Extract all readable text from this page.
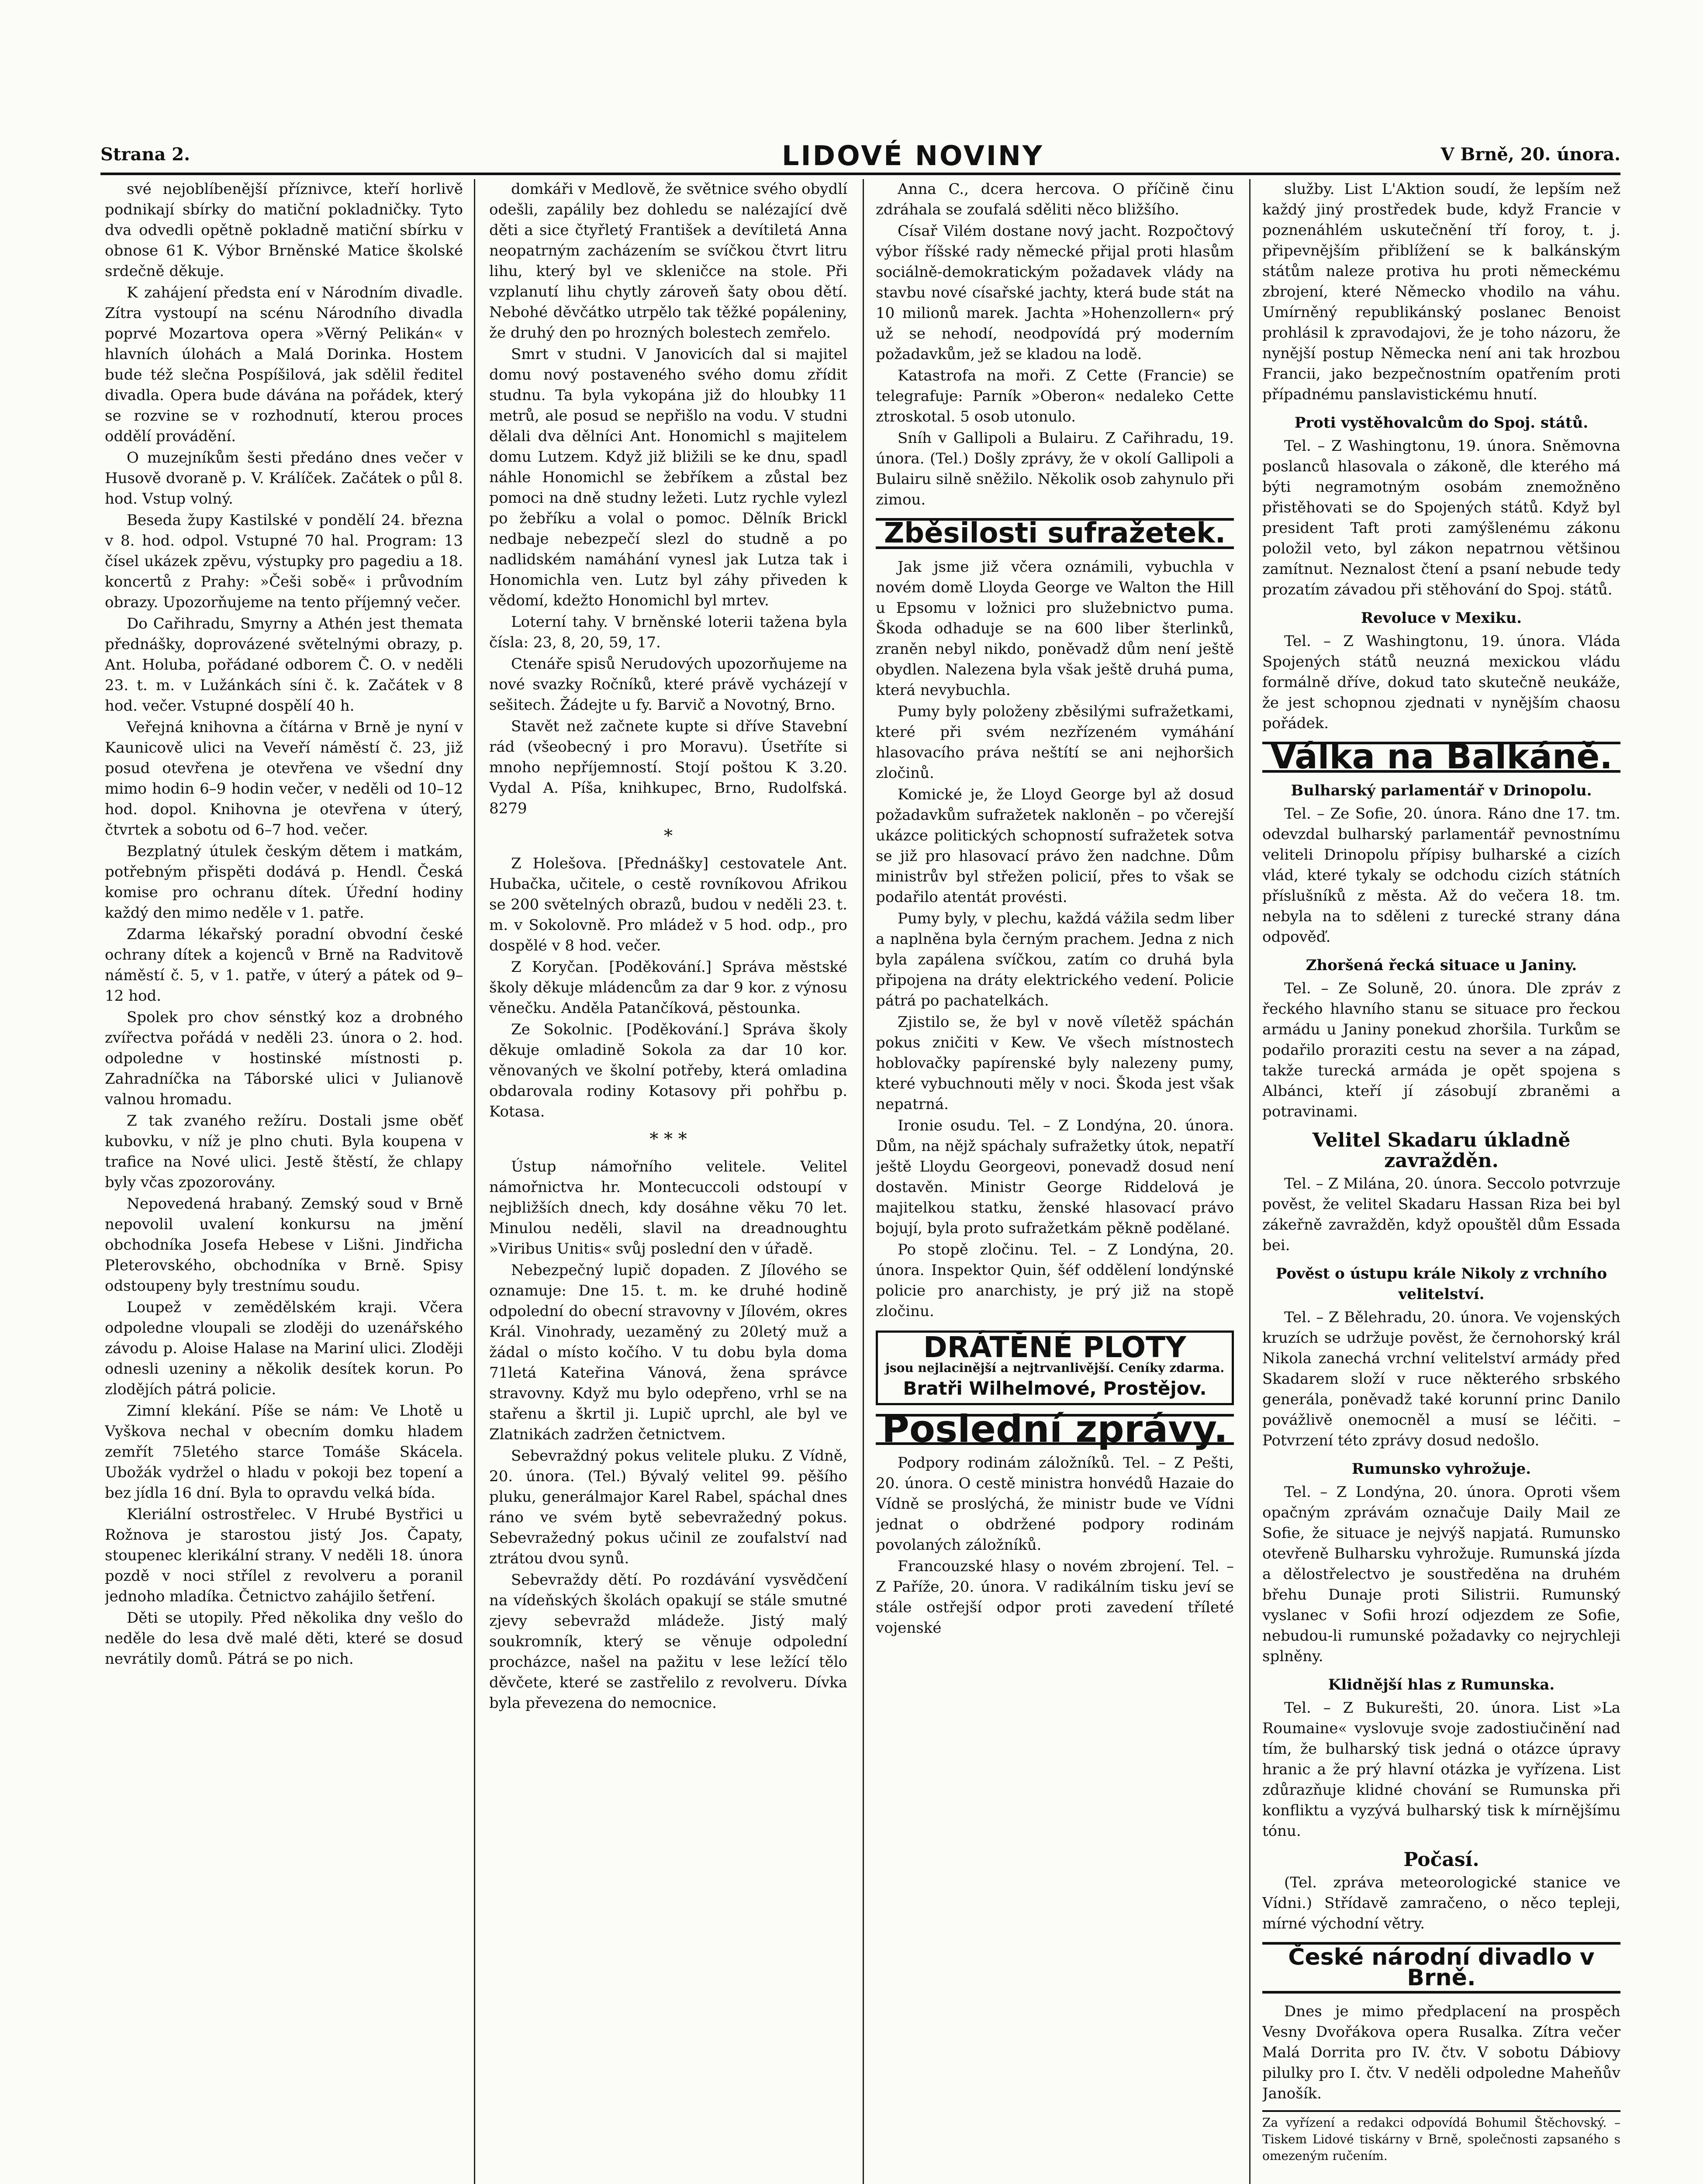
Strana 2.	LIDOVÉ NOVINY	V Brně, 20. února.

své nejoblíbenější příznivce, kteří horlivě podnikají sbírky do matiční pokladničky. Tyto dva odvedli opětně pokladně matiční sbírku v obnose 61 K. Výbor Brněnské Matice školské srdečně děkuje.

K zahájení předsta ení v Národním divadle. Zítra vystoupí na scénu Národního divadla poprvé Mozartova opera »Věrný Pelikán« v hlavních úlohách a Malá Dorinka. Hostem bude též slečna Pospíšilová, jak sdělil ředitel divadla. Opera bude dávána na pořádek, který se rozvine se v rozhodnutí, kterou proces oddělí provádění.

O muzejníkům šesti předáno dnes večer v Husově dvoraně p. V. Králíček. Začátek o půl 8. hod. Vstup volný.

Beseda župy Kastilské v pondělí 24. března v 8. hod. odpol. Vstupné 70 hal. Program: 13 čísel ukázek zpěvu, výstupky pro pagediu a 18. koncertů z Prahy: »Češi sobě« i průvodním obrazy. Upozorňujeme na tento příjemný večer.

Do Cařihradu, Smyrny a Athén jest themata přednášky, doprovázené světelnými obrazy, p. Ant. Holuba, pořádané odborem Č. O. v neděli 23. t. m. v Lužánkách síni č. k. Začátek v 8 hod. večer. Vstupné dospělí 40 h.

Veřejná knihovna a čítárna v Brně je nyní v Kaunicově ulici na Veveří náměstí č. 23, již posud otevřena je otevřena ve všední dny mimo hodin 6–9 hodin večer, v neděli od 10–12 hod. dopol. Knihovna je otevřena v úterý, čtvrtek a sobotu od 6–7 hod. večer.

Bezplatný útulek českým dětem i matkám, potřebným přispěti dodává p. Hendl. Česká komise pro ochranu dítek. Úřední hodiny každý den mimo neděle v 1. patře.

Zdarma lékařský poradní obvodní české ochrany dítek a kojenců v Brně na Radvitově náměstí č. 5, v 1. patře, v úterý a pátek od 9–12 hod.

Spolek pro chov sénstký koz a drobného zvířectva pořádá v neděli 23. února o 2. hod. odpoledne v hostinské místnosti p. Zahradníčka na Táborské ulici v Julianově valnou hromadu.

Z tak zvaného režíru. Dostali jsme oběť kubovku, v níž je plno chuti. Byla koupena v trafice na Nové ulici. Jestě štěstí, že chlapy byly včas zpozorovány.

Nepovedená hrabaný. Zemský soud v Brně nepovolil uvalení konkursu na jmění obchodníka Josefa Hebese v Lišni. Jindřicha Pleterovského, obchodníka v Brně. Spisy odstoupeny byly trestnímu soudu.

Loupež v zemědělském kraji. Včera odpoledne vloupali se zloději do uzenářského závodu p. Aloise Halase na Mariní ulici. Zloději odnesli uzeniny a několik desítek korun. Po zlodějích pátrá policie.

Zimní klekání. Píše se nám: Ve Lhotě u Vyškova nechal v obecním domku hladem zemřít 75letého starce Tomáše Skácela. Ubožák vydržel o hladu v pokoji bez topení a bez jídla 16 dní. Byla to opravdu velká bída.

Kleriální ostrostřelec. V Hrubé Bystřici u Rožnova je starostou jistý Jos. Čapaty, stoupenec klerikální strany. V neděli 18. února pozdě v noci střílel z revolveru a poranil jednoho mladíka. Četnictvo zahájilo šetření.

Děti se utopily. Před několika dny vešlo do neděle do lesa dvě malé děti, které se dosud nevrátily domů. Pátrá se po nich.

domkáři v Medlově, že světnice svého obydlí odešli, zapálily bez dohledu se nalézající dvě děti a sice čtyřletý František a devítiletá Anna neopatrným zacházením se svíčkou čtvrt litru lihu, který byl ve skleničce na stole. Při vzplanutí lihu chytly zároveň šaty obou dětí. Nebohé děvčátko utrpělo tak těžké popáleniny, že druhý den po hrozných bolestech zemřelo.

Smrt v studni. V Janovicích dal si majitel domu nový postaveného svého domu zřídit studnu. Ta byla vykopána již do hloubky 11 metrů, ale posud se nepřišlo na vodu. V studni dělali dva dělníci Ant. Honomichl s majitelem domu Lutzem. Když již bližili se ke dnu, spadl náhle Honomichl se žebříkem a zůstal bez pomoci na dně studny ležeti. Lutz rychle vylezl po žebříku a volal o pomoc. Dělník Brickl nedbaje nebezpečí slezl do studně a po nadlidském namáhání vynesl jak Lutza tak i Honomichla ven. Lutz byl záhy přiveden k vědomí, kdežto Honomichl byl mrtev.

Loterní tahy. V brněnské loterii tažena byla čísla: 23, 8, 20, 59, 17.

Ctenáře spisů Nerudových upozorňujeme na nové svazky Ročníků, které právě vycházejí v sešitech. Žádejte u fy. Barvič a Novotný, Brno.

Stavět než začnete kupte si dříve Stavební rád (všeobecný i pro Moravu). Úsetříte si mnoho nepříjemností. Stojí poštou K 3.20. Vydal A. Píša, knihkupec, Brno, Rudolfská. 8279

*

Z Holešova. [Přednášky] cestovatele Ant. Hubačka, učitele, o cestě rovníkovou Afrikou se 200 světelných obrazů, budou v neděli 23. t. m. v Sokolovně. Pro mládež v 5 hod. odp., pro dospělé v 8 hod. večer.

Z Koryčan. [Poděkování.] Správa městské školy děkuje mládencům za dar 9 kor. z výnosu věnečku. Anděla Patančíková, pěstounka.

Ze Sokolnic. [Poděkování.] Správa školy děkuje omladině Sokola za dar 10 kor. věnovaných ve školní potřeby, která omladina obdarovala rodiny Kotasovy při pohřbu p. Kotasa.

* * *

Ústup námořního velitele. Velitel námořnictva hr. Montecuccoli odstoupí v nejbližších dnech, kdy dosáhne věku 70 let. Minulou neděli, slavil na dreadnoughtu »Viribus Unitis« svůj poslední den v úřadě.

Nebezpečný lupič dopaden. Z Jílového se oznamuje: Dne 15. t. m. ke druhé hodině odpolední do obecní stravovny v Jílovém, okres Král. Vinohrady, uezaměný zu 20letý muž a žádal o místo kočího. V tu dobu byla doma 71letá Kateřina Vánová, žena správce stravovny. Když mu bylo odepřeno, vrhl se na stařenu a škrtil ji. Lupič uprchl, ale byl ve Zlatnikách zadržen četnictvem.

Sebevraždný pokus velitele pluku. Z Vídně, 20. února. (Tel.) Bývalý velitel 99. pěšího pluku, generálmajor Karel Rabel, spáchal dnes ráno ve svém bytě sebevražedný pokus. Sebevražedný pokus učinil ze zoufalství nad ztrátou dvou synů.

Sebevraždy dětí. Po rozdávání vysvědčení na vídeňských školách opakují se stále smutné zjevy sebevražd mládeže. Jistý malý soukromník, který se věnuje odpolední procházce, našel na pažitu v lese ležící tělo děvčete, které se zastřelilo z revolveru. Dívka byla převezena do nemocnice.

Anna C., dcera hercova. O příčině činu zdráhala se zoufalá sděliti něco bližšího.

Císař Vilém dostane nový jacht. Rozpočtový výbor říšské rady německé přijal proti hlasům sociálně-demokratickým požadavek vlády na stavbu nové císařské jachty, která bude stát na 10 milionů marek. Jachta »Hohenzollern« prý už se nehodí, neodpovídá prý moderním požadavkům, jež se kladou na lodě.

Katastrofa na moři. Z Cette (Francie) se telegrafuje: Parník »Oberon« nedaleko Cette ztroskotal. 5 osob utonulo.

Sníh v Gallipoli a Bulairu. Z Cařihradu, 19. února. (Tel.) Došly zprávy, že v okolí Gallipoli a Bulairu silně sněžilo. Několik osob zahynulo při zimou.

Zběsilosti sufražetek.

Jak jsme již včera oznámili, vybuchla v novém domě Lloyda George ve Walton the Hill u Epsomu v ložnici pro služebnictvo puma. Škoda odhaduje se na 600 liber šterlinků, zraněn nebyl nikdo, poněvadž dům není ještě obydlen. Nalezena byla však ještě druhá puma, která nevybuchla.

Pumy byly položeny zběsilými sufražetkami, které při svém nezřízeném vymáhání hlasovacího práva neštítí se ani nejhoršich zločinů.

Komické je, že Lloyd George byl až dosud požadavkům sufražetek nakloněn – po včerejší ukázce politických schopností sufražetek sotva se již pro hlasovací právo žen nadchne. Dům ministrův byl střežen policií, přes to však se podařilo atentát provésti.

Pumy byly, v plechu, každá vážila sedm liber a naplněna byla černým prachem. Jedna z nich byla zapálena svíčkou, zatím co druhá byla připojena na dráty elektrického vedení. Policie pátrá po pachatelkách.

Zjistilo se, že byl v nově víletěž spáchán pokus zničiti v Kew. Ve všech místnostech hoblovačky papírenské byly nalezeny pumy, které vybuchnouti měly v noci. Škoda jest však nepatrná.

Ironie osudu. Tel. – Z Londýna, 20. února. Dům, na nějž spáchaly sufražetky útok, nepatří ještě Lloydu Georgeovi, ponevadž dosud není dostavěn. Ministr George Riddelová je majitelkou statku, ženské hlasovací právo bojují, byla proto sufražetkám pěkně podělané.

Po stopě zločinu. Tel. – Z Londýna, 20. února. Inspektor Quin, šéf oddělení londýnské policie pro anarchisty, je prý již na stopě zločinu.

DRÁTĚNÉ PLOTY
jsou nejlacinější a nejtrvanlivější. Ceníky zdarma.
Bratři Wilhelmové, Prostějov.
Poslední zprávy.

Podpory rodinám záložníků. Tel. – Z Pešti, 20. února. O cestě ministra honvédů Hazaie do Vídně se proslýchá, že ministr bude ve Vídni jednat o obdržené podpory rodinám povolaných záložníků.

Francouzské hlasy o novém zbrojení. Tel. – Z Paříže, 20. února. V radikálním tisku jeví se stále ostřejší odpor proti zavedení tříleté vojenské

služby. List L'Aktion soudí, že lepším než každý jiný prostředek bude, když Francie v poznenáhlém uskutečnění tří foroy, t. j. připevnějším přiblížení se k balkánským státům naleze protiva hu proti německému zbrojení, které Německo vhodilo na váhu. Umírněný republikánský poslanec Benoist prohlásil k zpravodajovi, že je toho názoru, že nynější postup Německa není ani tak hrozbou Francii, jako bezpečnostním opatřením proti případnému panslavistickému hnutí.

Proti vystěhovalcům do Spoj. států.

Tel. – Z Washingtonu, 19. února. Sněmovna poslanců hlasovala o zákoně, dle kterého má býti negramotným osobám znemožněno přistěhovati se do Spojených států. Když byl president Taft proti zamýšlenému zákonu položil veto, byl zákon nepatrnou většinou zamítnut. Neznalost čtení a psaní nebude tedy prozatím závadou při stěhování do Spoj. států.

Revoluce v Mexiku.

Tel. – Z Washingtonu, 19. února. Vláda Spojených států neuzná mexickou vládu formálně dříve, dokud tato skutečně neukáže, že jest schopnou zjednati v nynějším chaosu pořádek.

Válka na Balkáně.

Bulharský parlamentář v Drinopolu.

Tel. – Ze Sofie, 20. února. Ráno dne 17. tm. odevzdal bulharský parlamentář pevnostnímu veliteli Drinopolu přípisy bulharské a cizích vlád, které tykaly se odchodu cizích státních příslušníků z města. Až do večera 18. tm. nebyla na to sděleni z turecké strany dána odpověď.

Zhoršená řecká situace u Janiny.

Tel. – Ze Soluně, 20. února. Dle zpráv z řeckého hlavního stanu se situace pro řeckou armádu u Janiny ponekud zhoršila. Turkům se podařilo proraziti cestu na sever a na západ, takže turecká armáda je opět spojena s Albánci, kteří jí zásobují zbraněmi a potravinami.

Velitel Skadaru úkladně zavražděn.

Tel. – Z Milána, 20. února. Seccolo potvrzuje pověst, že velitel Skadaru Hassan Riza bei byl zákeřně zavražděn, když opouštěl dům Essada bei.

Pověst o ústupu krále Nikoly z vrchního velitelství.

Tel. – Z Bělehradu, 20. února. Ve vojenských kruzích se udržuje pověst, že černohorský král Nikola zanechá vrchní velitelství armády před Skadarem složí v ruce některého srbského generála, poněvadž také korunní princ Danilo povážlivě onemocněl a musí se léčiti. – Potvrzení této zprávy dosud nedošlo.

Rumunsko vyhrožuje.

Tel. – Z Londýna, 20. února. Oproti všem opačným zprávám označuje Daily Mail ze Sofie, že situace je nejvýš napjatá. Rumunsko otevřeně Bulharsku vyhrožuje. Rumunská jízda a dělostřelectvo je soustředěna na druhém břehu Dunaje proti Silistrii. Rumunský vyslanec v Sofii hrozí odjezdem ze Sofie, nebudou-li rumunské požadavky co nejrychleji splněny.

Klidnější hlas z Rumunska.

Tel. – Z Bukurešti, 20. února. List »La Roumaine« vyslovuje svoje zadostiučinění nad tím, že bulharský tisk jedná o otázce úpravy hranic a že prý hlavní otázka je vyřízena. List zdůrazňuje klidné chování se Rumunska při konfliktu a vyzývá bulharský tisk k mírnějšímu tónu.

Počasí.

(Tel. zpráva meteorologické stanice ve Vídni.) Střídavě zamračeno, o něco tepleji, mírné východní větry.

České národní divadlo v Brně.

Dnes je mimo předplacení na prospěch Vesny Dvořákova opera Rusalka. Zítra večer Malá Dorrita pro IV. čtv. V sobotu Dábiovy pilulky pro I. čtv. V neděli odpoledne Maheňův Janošík.

Za vyřízení a redakci odpovídá Bohumil Štěchovský. – Tiskem Lidové tiskárny v Brně, společnosti zapsaného s omezeným ručením.
